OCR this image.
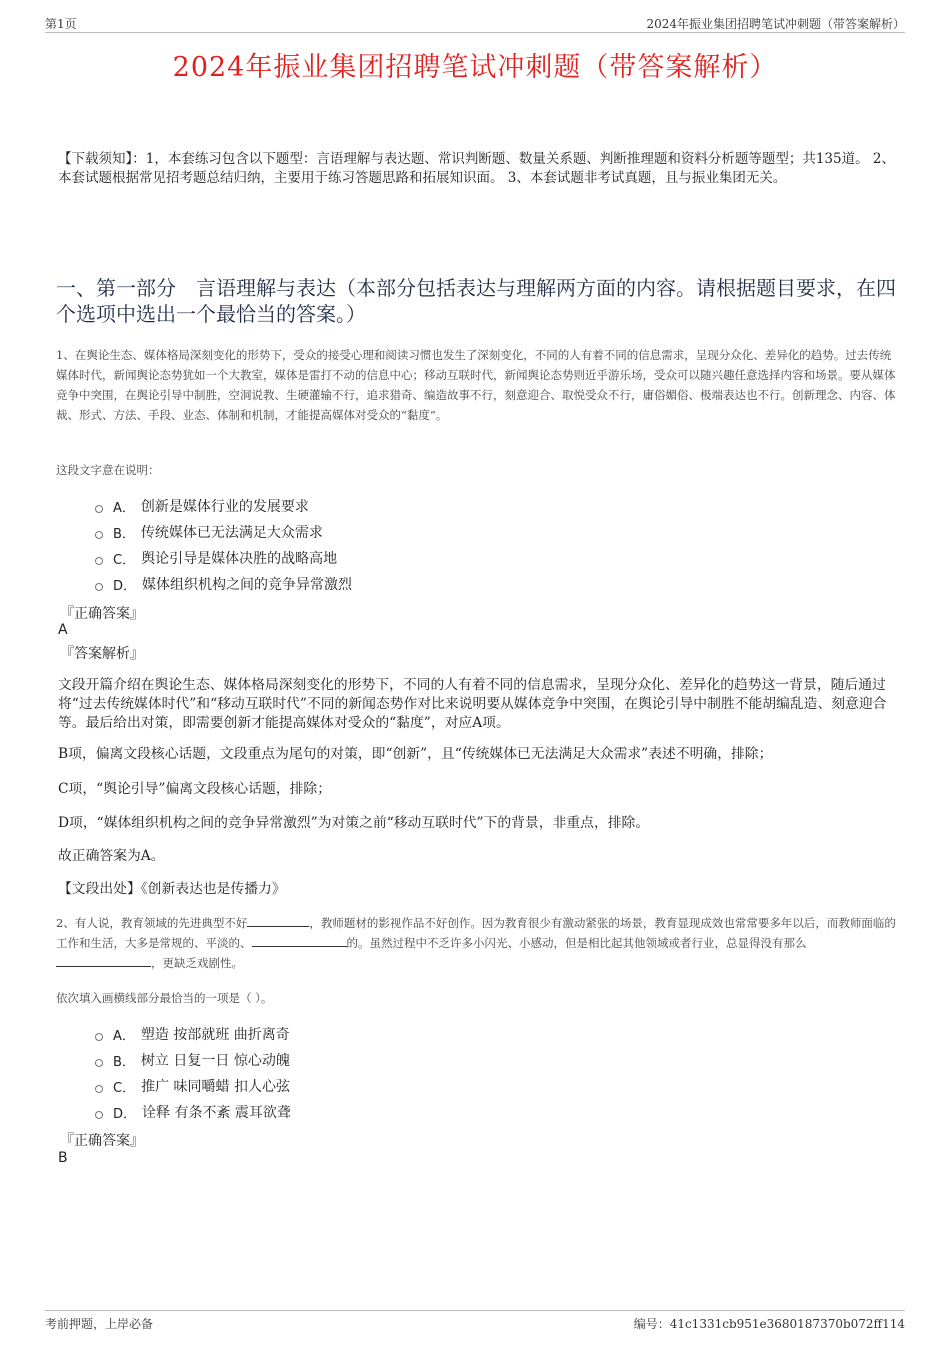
第1页	2024年振业集团招聘笔试冲刺题（带答案解析）
2024年振业集团招聘笔试冲刺题（带答案解析）
【下载须知】：1，本套练习包含以下题型：言语理解与表达题、常识判断题、数量关系题、判断推理题和资料分析题等题型；共135道。 2、本套试题根据常见招考题总结归纳，主要用于练习答题思路和拓展知识面。 3、本套试题非考试真题，且与振业集团无关。
一、第一部分　言语理解与表达（本部分包括表达与理解两方面的内容。请根据题目要求，在四个选项中选出一个最恰当的答案。）
1、在舆论生态、媒体格局深刻变化的形势下，受众的接受心理和阅读习惯也发生了深刻变化，不同的人有着不同的信息需求，呈现分众化、差异化的趋势。过去传统媒体时代，新闻舆论态势犹如一个大教室，媒体是雷打不动的信息中心；移动互联时代，新闻舆论态势则近乎游乐场，受众可以随兴趣任意选择内容和场景。要从媒体竞争中突围，在舆论引导中制胜，空洞说教、生硬灌输不行，追求猎奇、编造故事不行，刻意迎合、取悦受众不行，庸俗媚俗、极端表达也不行。创新理念、内容、体裁、形式、方法、手段、业态、体制和机制，才能提高媒体对受众的“黏度”。
这段文字意在说明：
A． 创新是媒体行业的发展要求
B． 传统媒体已无法满足大众需求
C． 舆论引导是媒体决胜的战略高地
D． 媒体组织机构之间的竞争异常激烈
『正确答案』
A
『答案解析』
文段开篇介绍在舆论生态、媒体格局深刻变化的形势下，不同的人有着不同的信息需求，呈现分众化、差异化的趋势这一背景，随后通过将“过去传统媒体时代”和“移动互联时代”不同的新闻态势作对比来说明要从媒体竞争中突围，在舆论引导中制胜不能胡编乱造、刻意迎合等。最后给出对策，即需要创新才能提高媒体对受众的“黏度”，对应A项。
B项，偏离文段核心话题，文段重点为尾句的对策，即“创新”，且“传统媒体已无法满足大众需求”表述不明确，排除；
C项，“舆论引导”偏离文段核心话题，排除；
D项，“媒体组织机构之间的竞争异常激烈”为对策之前“移动互联时代”下的背景，非重点，排除。
故正确答案为A。
【文段出处】《创新表达也是传播力》
2、有人说，教育领域的先进典型不好	，教师题材的影视作品不好创作。因为教育很少有激动紧张的场景，教育显现成效也常常要多年以后，而教师面临的工作和生活，大多是常规的、平淡的、	的。虽然过程中不乏许多小闪光、小感动，但是相比起其他领域或者行业，总显得没有那么，更缺乏戏剧性。
依次填入画横线部分最恰当的一项是（ ）。
A． 塑造 按部就班 曲折离奇
B． 树立 日复一日 惊心动魄
C． 推广 味同嚼蜡 扣人心弦
D． 诠释 有条不紊 震耳欲聋
『正确答案』
B
考前押题，上岸必备	编号：41c1331cb951e3680187370b072ff114
